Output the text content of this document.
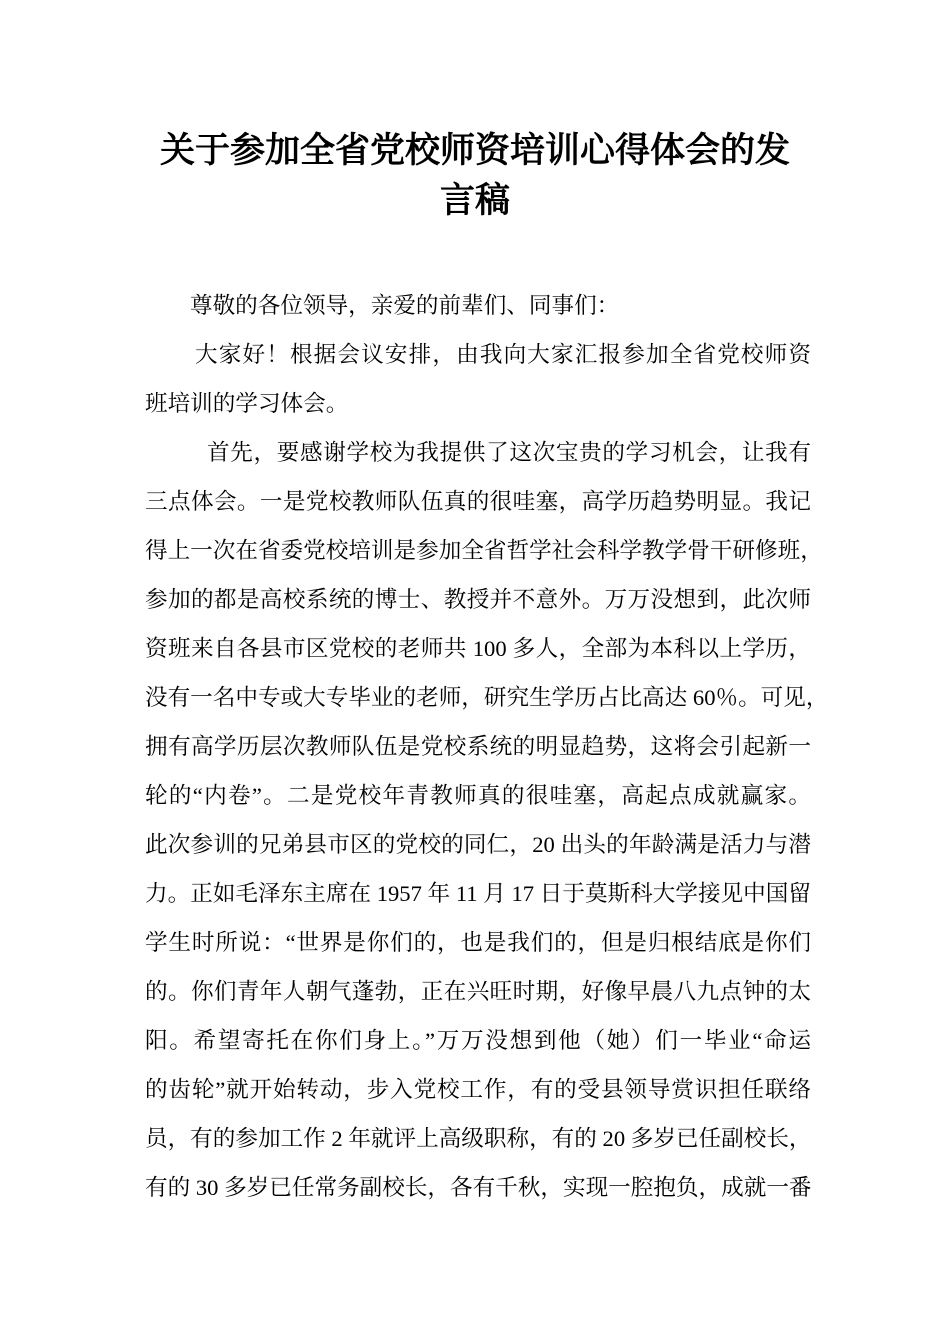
关于参加全省党校师资培训心得体会的发
言稿
尊敬的各位领导，亲爱的前辈们、同事们：
大家好！根据会议安排，由我向大家汇报参加全省党校师资
班培训的学习体会。
首先，要感谢学校为我提供了这次宝贵的学习机会，让我有
三点体会。一是党校教师队伍真的很哇塞，高学历趋势明显。我记
得上一次在省委党校培训是参加全省哲学社会科学教学骨干研修班，
参加的都是高校系统的博士、教授并不意外。万万没想到，此次师
资班来自各县市区党校的老师共 100 多人，全部为本科以上学历，
没有一名中专或大专毕业的老师，研究生学历占比高达 60％。可见，
拥有高学历层次教师队伍是党校系统的明显趋势，这将会引起新一
轮的“内卷”。二是党校年青教师真的很哇塞，高起点成就赢家。
此次参训的兄弟县市区的党校的同仁，20 出头的年龄满是活力与潜
力。正如毛泽东主席在 1957 年 11 月 17 日于莫斯科大学接见中国留
学生时所说：“世界是你们的，也是我们的，但是归根结底是你们
的。你们青年人朝气蓬勃，正在兴旺时期，好像早晨八九点钟的太
阳。希望寄托在你们身上。”万万没想到他（她）们一毕业“命运
的齿轮”就开始转动，步入党校工作，有的受县领导赏识担任联络
员，有的参加工作 2 年就评上高级职称，有的 20 多岁已任副校长，
有的 30 多岁已任常务副校长，各有千秋，实现一腔抱负，成就一番
